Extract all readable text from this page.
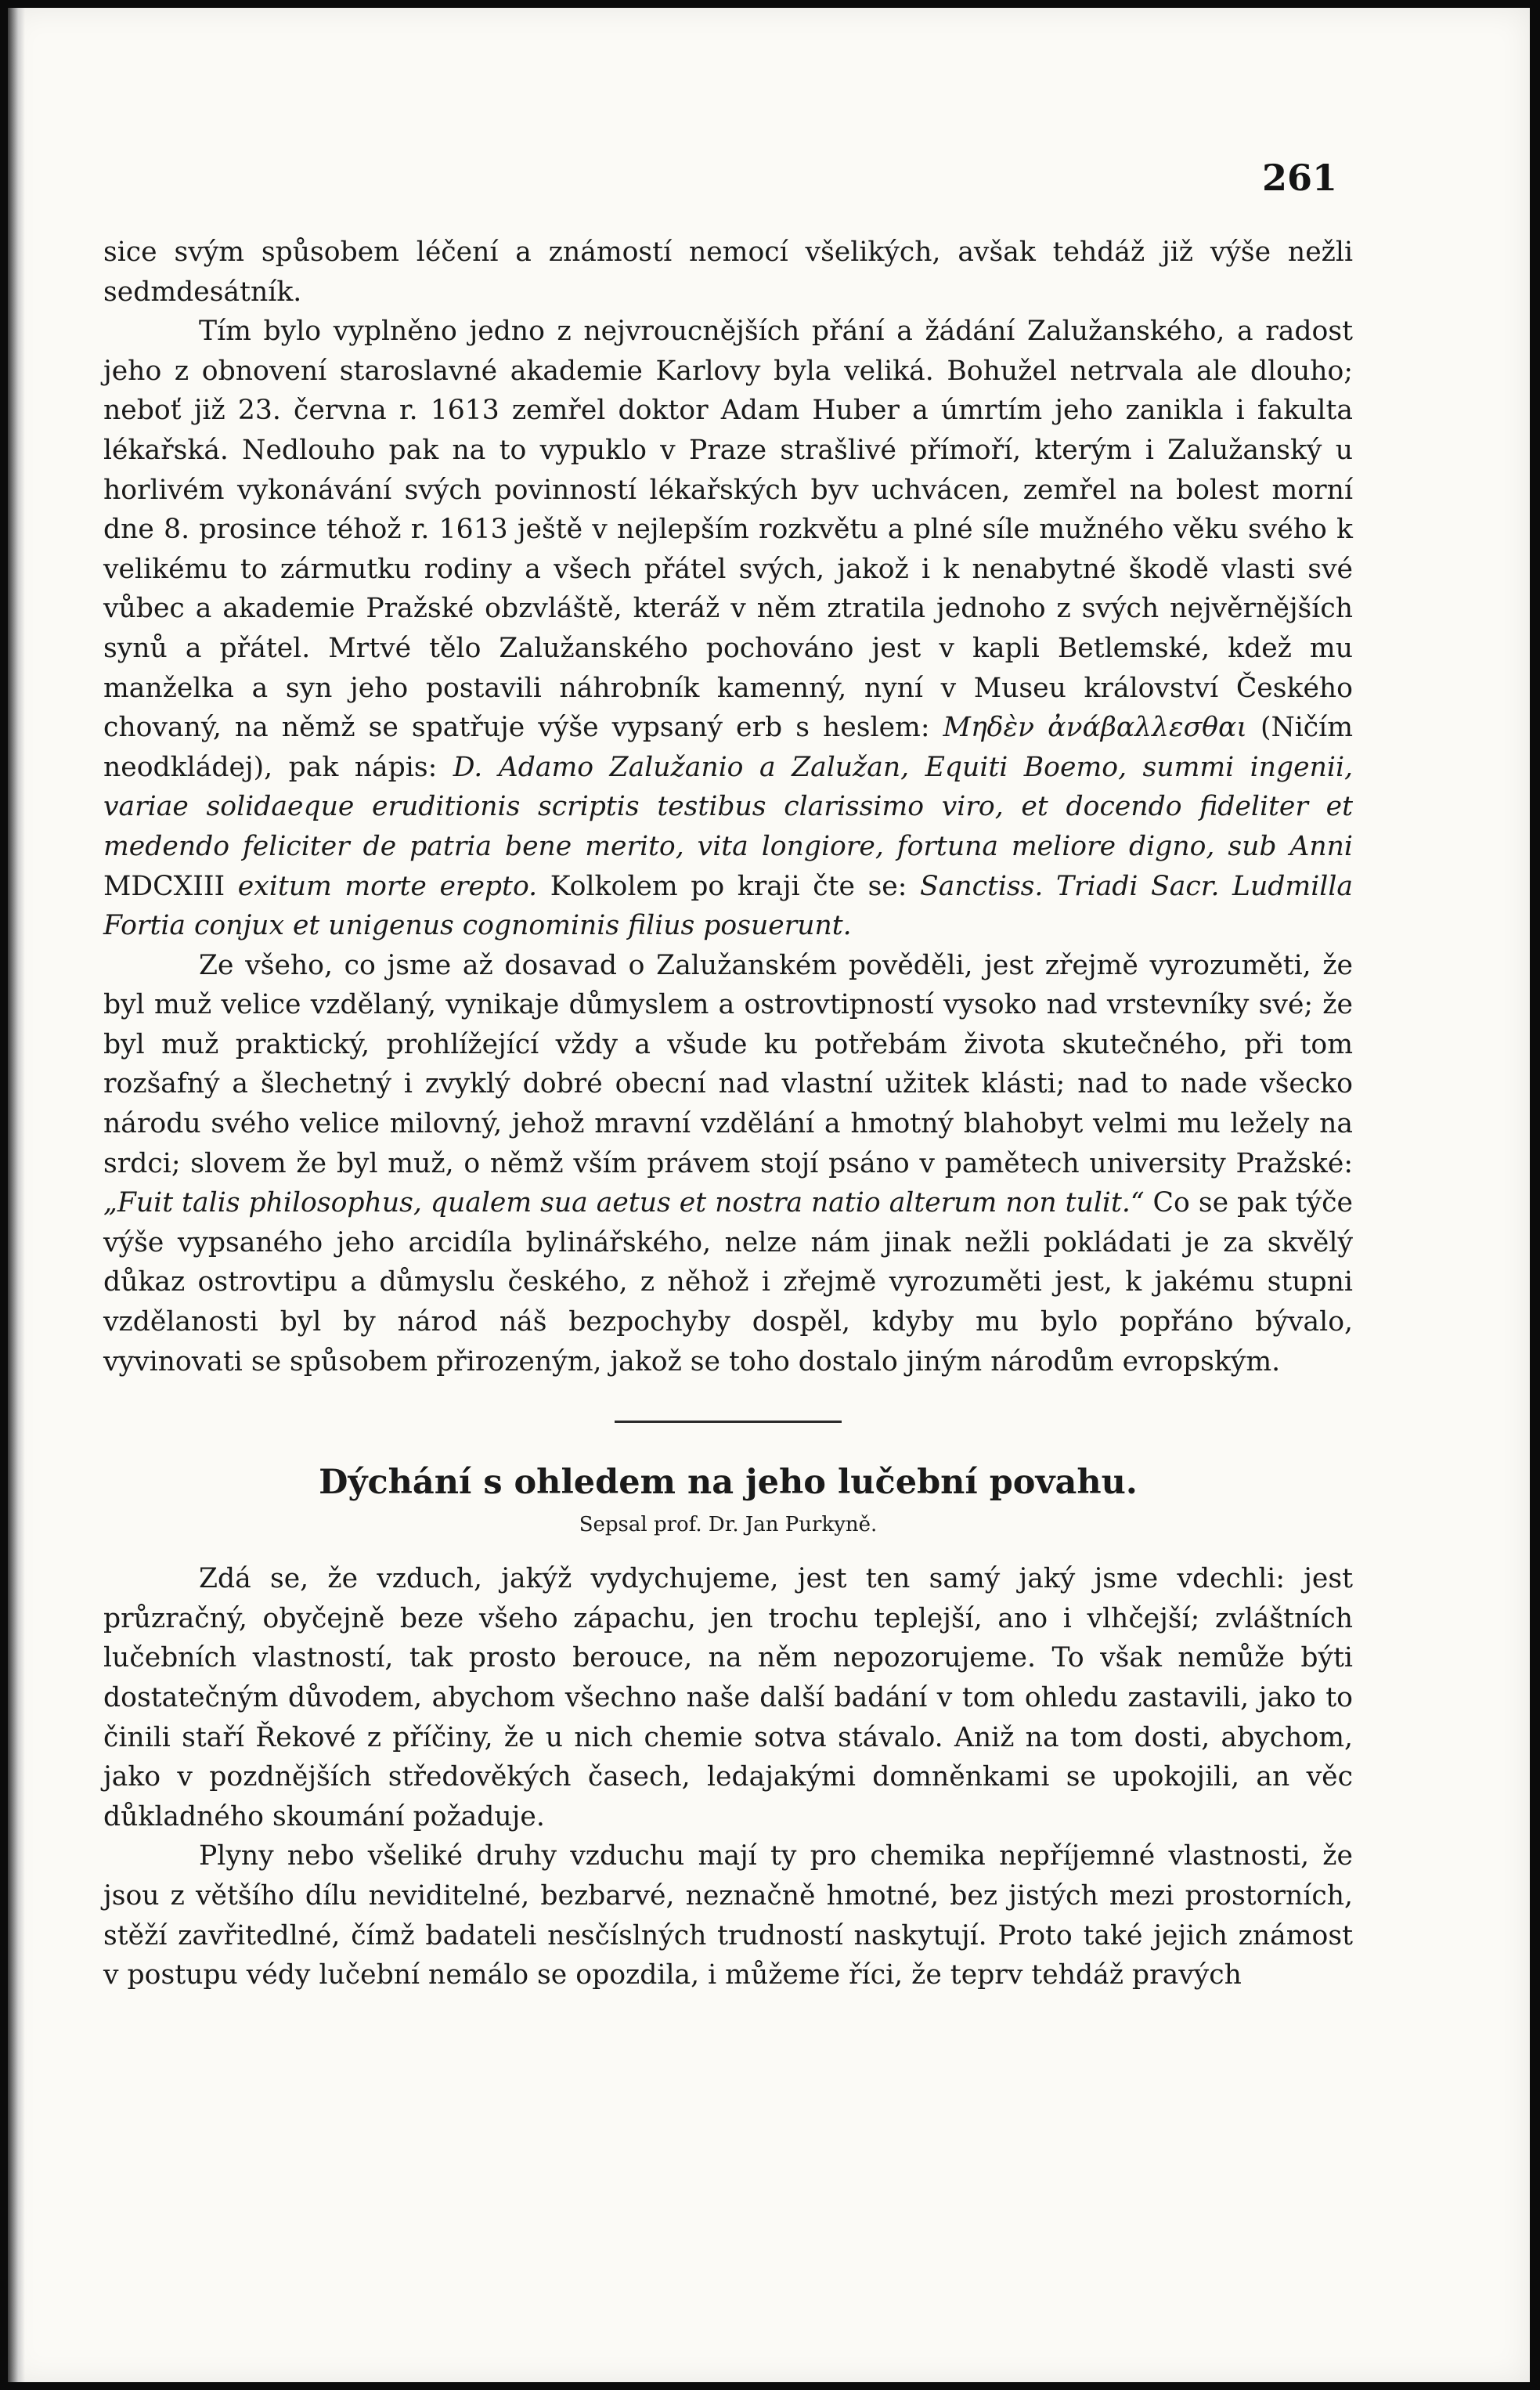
261

sice svým spůsobem léčení a známostí nemocí všelikých, avšak tehdáž již výše nežli sedmdesátník.

Tím bylo vyplněno jedno z nejvroucnějších přání a žádání Zalužanského, a radost jeho z obnovení staroslavné akademie Karlovy byla veliká. Bohužel netrvala ale dlouho; neboť již 23. června r. 1613 zemřel doktor Adam Huber a úmrtím jeho zanikla i fakulta lékařská. Nedlouho pak na to vypuklo v Praze strašlivé přímoří, kterým i Zalužanský u horlivém vykonávání svých povinností lékařských byv uchvácen, zemřel na bolest morní dne 8. prosince téhož r. 1613 ještě v nejlepším rozkvětu a plné síle mužného věku svého k velikému to zármutku rodiny a všech přátel svých, jakož i k nenabytné škodě vlasti své vůbec a akademie Pražské obzvláště, kteráž v něm ztratila jednoho z svých nejvěrnějších synů a přátel. Mrtvé tělo Zalužanského pochováno jest v kapli Betlemské, kdež mu manželka a syn jeho postavili náhrobník kamenný, nyní v Museu království Českého chovaný, na němž se spatřuje výše vypsaný erb s heslem: Μηδὲν ἀνάβαλλεσθαι (Ničím neodkládej), pak nápis: D. Adamo Zalužanio a Zalužan, Equiti Boemo, summi ingenii, variae solidaeque eruditionis scriptis testibus clarissimo viro, et docendo fideliter et medendo feliciter de patria bene merito, vita longiore, fortuna meliore digno, sub Anni MDCXIII exitum morte erepto. Kolkolem po kraji čte se: Sanctiss. Triadi Sacr. Ludmilla Fortia conjux et unigenus cognominis filius posuerunt.

Ze všeho, co jsme až dosavad o Zalužanském pověděli, jest zřejmě vyrozuměti, že byl muž velice vzdělaný, vynikaje důmyslem a ostrovtipností vysoko nad vrstevníky své; že byl muž praktický, prohlížející vždy a všude ku potřebám života skutečného, při tom rozšafný a šlechetný i zvyklý dobré obecní nad vlastní užitek klásti; nad to nade všecko národu svého velice milovný, jehož mravní vzdělání a hmotný blahobyt velmi mu ležely na srdci; slovem že byl muž, o němž vším právem stojí psáno v pamětech university Pražské: „Fuit talis philosophus, qualem sua aetus et nostra natio alterum non tulit.“ Co se pak týče výše vypsaného jeho arcidíla bylinářského, nelze nám jinak nežli pokládati je za skvělý důkaz ostrovtipu a důmyslu českého, z něhož i zřejmě vyrozuměti jest, k jakému stupni vzdělanosti byl by národ náš bezpochyby dospěl, kdyby mu bylo popřáno bývalo, vyvinovati se spůsobem přirozeným, jakož se toho dostalo jiným národům evropským.

Dýchání s ohledem na jeho lučební povahu.
Sepsal prof. Dr. Jan Purkyně.

Zdá se, že vzduch, jakýž vydychujeme, jest ten samý jaký jsme vdechli: jest průzračný, obyčejně beze všeho zápachu, jen trochu teplejší, ano i vlhčejší; zvláštních lučebních vlastností, tak prosto berouce, na něm nepozorujeme. To však nemůže býti dostatečným důvodem, abychom všechno naše další badání v tom ohledu zastavili, jako to činili staří Řekové z příčiny, že u nich chemie sotva stávalo. Aniž na tom dosti, abychom, jako v pozdnějších středověkých časech, ledajakými domněnkami se upokojili, an věc důkladného skoumání požaduje.

Plyny nebo všeliké druhy vzduchu mají ty pro chemika nepříjemné vlastnosti, že jsou z většího dílu neviditelné, bezbarvé, neznačně hmotné, bez jistých mezi prostorních, stěží zavřitedlné, čímž badateli nesčíslných trudností naskytují. Proto také jejich známost v postupu védy lučební nemálo se opozdila, i můžeme říci, že teprv tehdáž pravých
